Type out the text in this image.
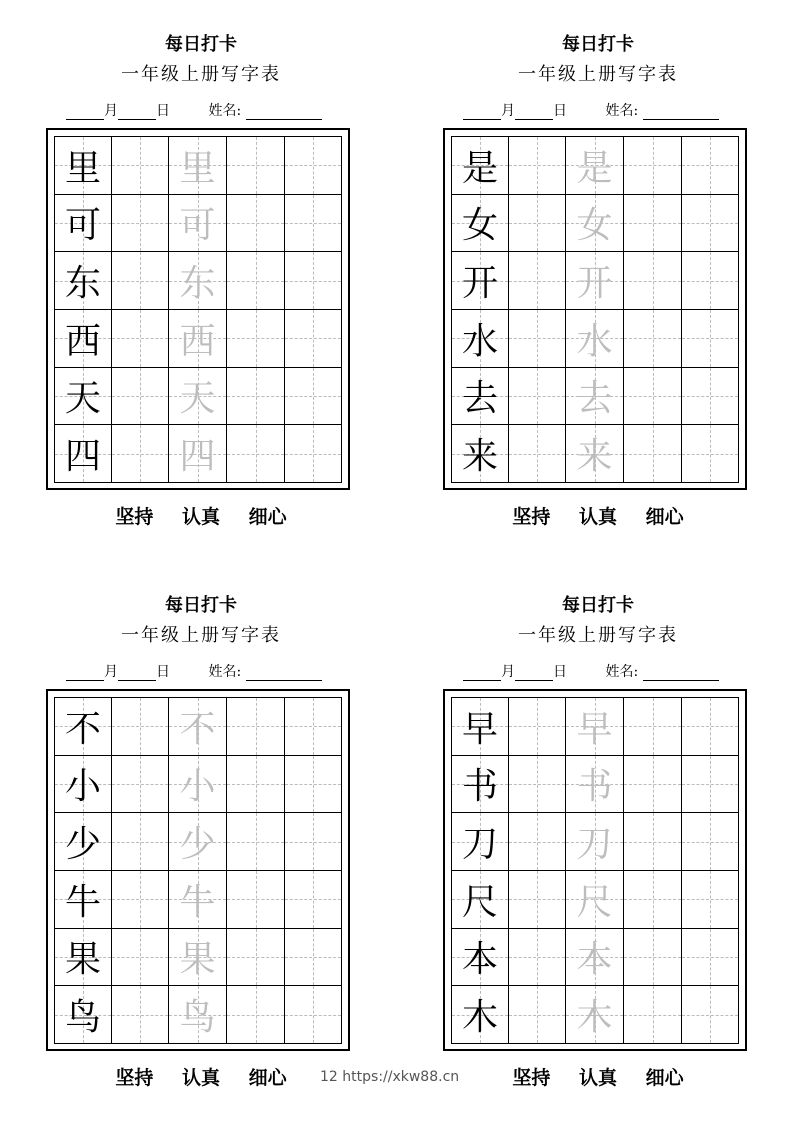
每日打卡
一年级上册写字表
月	日	姓名:
里 里
可 可
东 东
西 西
天 天
四 四
坚持 认真 细心
每日打卡
一年级上册写字表
月	日	姓名:
是 是
女 女
开 开
水 水
去 去
来 来
坚持 认真 细心
每日打卡
一年级上册写字表
月	日	姓名:
不 不
小 小
少 少
牛 牛
果 果
鸟 鸟
坚持 认真 细心
每日打卡
一年级上册写字表
月	日	姓名:
早 早
书 书
刀 刀
尺 尺
本 本
木 木
坚持 认真 细心
12 https://xkw88.cn
